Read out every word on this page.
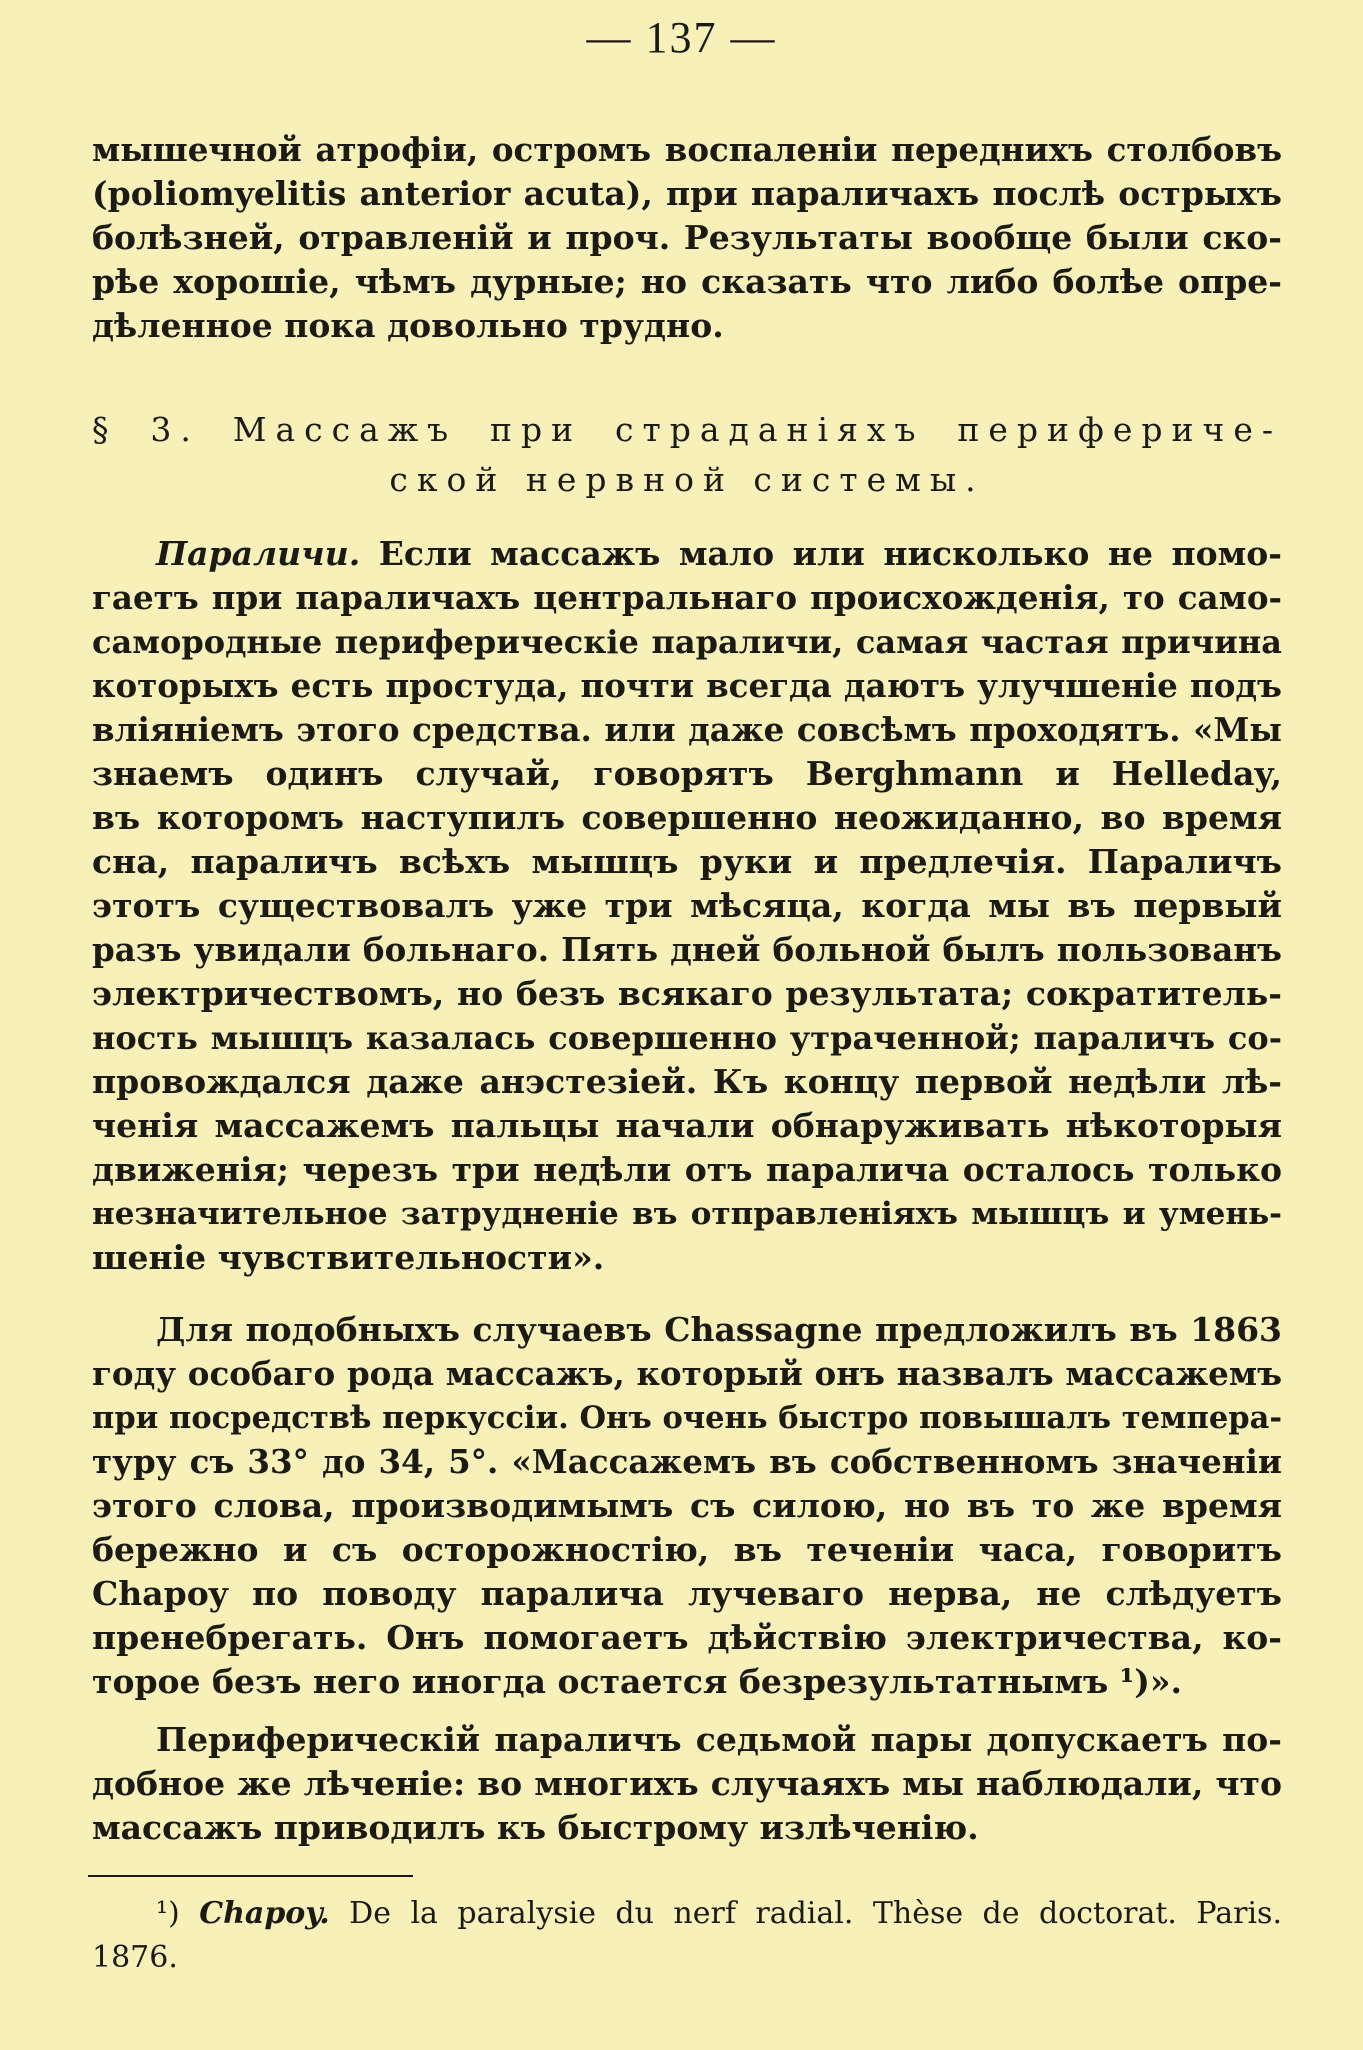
— 137 —
мышечной атрофiи, остромъ воспаленiи переднихъ столбовъ
(poliomyelitis anterior acuta), при параличахъ послѣ острыхъ
болѣзней, отравленiй и проч. Результаты вообще были ско-
рѣе хорошiе, чѣмъ дурные; но сказать что либо болѣе опре-
дѣленное пока довольно трудно.
§ 3. Массажъ при страданiяхъ периферичe-
ской нервной системы.
Параличи. Если массажъ мало или нисколько не помо-
гаетъ при параличахъ центральнаго происхожденiя, то само-
самородные периферическiе параличи, самая частая причина
которыхъ есть простуда, почти всегда даютъ улучшенiе подъ
влiянiемъ этого средства. или даже совсѣмъ проходятъ. «Мы
знаемъ одинъ случай, говорятъ Berghmann и Helleday,
въ которомъ наступилъ совершенно неожиданно, во время
сна, параличъ всѣхъ мышцъ руки и предлечiя. Параличъ
этотъ существовалъ уже три мѣсяца, когда мы въ первый
разъ увидали больнаго. Пять дней больной былъ пользованъ
электричествомъ, но безъ всякаго результата; сократитель-
ность мышцъ казалась совершенно утраченной; параличъ со-
провождался даже анэстезiей. Къ концу первой недѣли лѣ-
ченiя массажемъ пальцы начали обнаруживать нѣкоторыя
движенiя; черезъ три недѣли отъ паралича осталось только
незначительное затрудненiе въ отправленiяхъ мышцъ и умень-
шенiе чувствительности».
Для подобныхъ случаевъ Chassagne предложилъ въ 1863
году особаго рода массажъ, который онъ назвалъ массажемъ
при посредствѣ перкуссiи. Онъ очень быстро повышалъ темпера-
туру съ 33° до 34, 5°. «Массажемъ въ собственномъ значенiи
этого слова, производимымъ съ силою, но въ то же время
бережно и съ осторожностiю, въ теченiи часа, говоритъ
Chapoy по поводу паралича лучеваго нерва, не слѣдуетъ
пренебрегать. Онъ помогаетъ дѣйствiю электричества, ко-
торое безъ него иногда остается безрезультатнымъ ¹)».
Периферическiй параличъ седьмой пары допускаетъ по-
добное же лѣченiе: во многихъ случаяхъ мы наблюдали, что
массажъ приводилъ къ быстрому излѣченiю.
¹) Chapoy. De la paralysie du nerf radial. Thèse de doctorat. Paris.
1876.
